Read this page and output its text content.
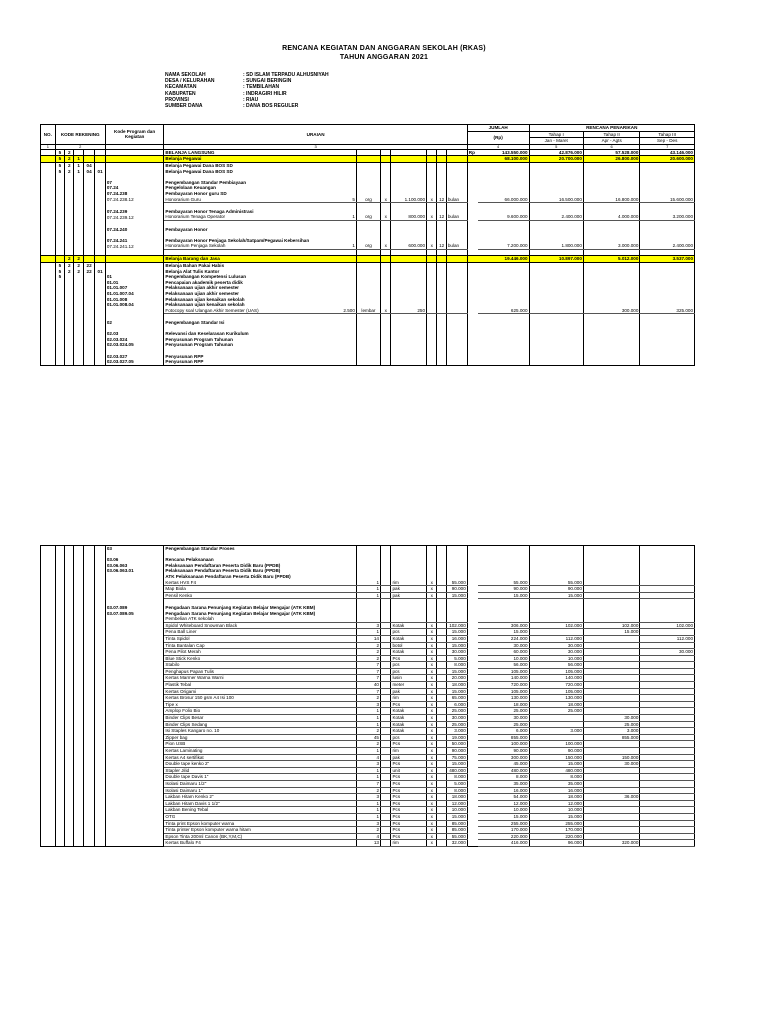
RENCANA KEGIATAN DAN ANGGARAN SEKOLAH (RKAS)
TAHUN ANGGARAN 2021
NAMA SEKOLAH	: SD ISLAM TERPADU ALHUSNIYAH
DESA / KELURAHAN	: SUNGAI BERINGIN
KECAMATAN	: TEMBILAHAN
KABUPATEN	: INDRAGIRI HILIR
PROVINSI	: RIAU
SUMBER DANA	: DANA BOS REGULER
NO.	KODE REKENING					Kode Program dan Kegiatan	URAIAN								JUMLAH		RENCANA PENARIKAN		
															(Rp)		Tahap I	Tahap II	Tahap III
																	Jan - Maret	Apr - Agts	Sep - Des
1	2						3								4		5	6	7
	5	2					BELANJA LANGSUNG								Rp	143.550.000	42.876.000	57.528.000	43.146.000
	5	2	1				Belanja Pegawai									68.100.000	20.700.000	26.800.000	20.600.000
	5	2	1	04			Belanja Pegawai Dana BOS SD												
	5	2	1	04	01		Belanja Pegawai Dana BOS SD												

						07	Pengembangan Standar Pembiayaan												
						07.24	Pengelolaan Keuangan												
						07.24.238	Pembayaran Honor guru SD												
						07.24.238.12	Honorarium Guru	5	org	x	1.100.000	x	12	bulan		66.000.000	16.500.000	16.800.000	15.600.000

						07.24.239	Pembayaran Honor Tenaga Administrasi												
						07.24.239.12	Honorarium Tenaga Operator	1	org	x	800.000	x	12	bulan		9.600.000	2.400.000	4.000.000	3.200.000

						07.24.240	Pembayaran Honor												

						07.24.241	Pembayaran Honor Penjaga Sekolah/Satpam/Pegawai Kebersihan												
						07.24.241.12	Honorarium Penjaga Sekolah	1	org	x	600.000	x	12	bulan		7.200.000	1.800.000	3.000.000	2.400.000

		2	2				Belanja Barang dan Jasa									19.446.000	10.897.000	5.012.000	3.537.000
	5	2	2	22			Belanja Bahan Pakai Habis												
	5	2	2	22	01		Belanja Alat Tulis Kantor												
	5					01	Pengembangan Kompetensi Lulusan												
						01.01	Pencapaian akademik peserta didik												
						01.01.007	Pelaksanaan ujian akhir semester												
						01.01.007.04	Pelaksanaan ujian akhir semester												
						01.01.008	Pelaksanaan ujian kenaikan sekolah												
						01.01.008.04	Pelaksanaan ujian kenaikan sekolah												
							Fotocopy soal Ulangan Akhir Semester (UAS)	2.500	lembar	x	250					625.000		300.000	325.000

						02	Pengembangan Standar Isi												

						02.03	Relevansi dan Keselarasan Kurikulum												
						02.03.024	Penyusunan Program Tahunan												
						02.03.024.05	Penyusunan Program Tahunan												

						02.03.027	Penyusunan RPP												
						02.03.027.05	Penyusunan RPP												
						03	Pengembangan Standar Proses												

						03.06	Rencana Pelaksanaan												
						03.06.063	Pelaksanaan Pendaftaran Peserta Didik Baru (PPDB)												
						03.06.063.01	Pelaksanaan Pendaftaran Peserta Didik Baru (PPDB)												
							ATK Pelaksanaan Pendaftaran Peserta Didik Baru (PPDB)												
							Kertas HVS F4		1		rim	x		55.000		55.000	55.000		
							Map Biola		1		pak	x		90.000		90.000	90.000		
							Pensil Kenko		1		pak	x		15.000		15.000	15.000		

						03.07.089	Pengadaan Sarana Penunjang Kegiatan Belajar Mengajar (ATK KBM)												
						03.07.089.05	Pengadaan Sarana Penunjang Kegiatan Belajar Mengajar (ATK KBM)												
							Pembelian ATK sekolah												
							Spidol Whiteboard Snowman Black		3		Kotak	x		102.000		306.000	102.000	102.000	102.000
							Pena Ball Liner		1		pcs	x		15.000		15.000		15.000	
							Tinta Spidol		14		Kotak	x		16.000		224.000	112.000		112.000
							Tinta Bantalan Cap		2		botol	x		15.000		30.000	30.000		
							Pena Pilot Merah		2		Kotak	x		30.000		60.000	30.000		30.000
							Blue Stick Kenko		2		Pcs	x		5.000		10.000	10.000		
							Stabilo		7		pcs	x		8.000		56.000	56.000		
							Penghapus Papan Tulis		7		pcs	x		15.000		105.000	105.000		
							Kertas Marmer Warna Warni		7		lusin	x		20.000		140.000	140.000		
							Plastik Tebal		40		meter	x		18.000		720.000	720.000		
							Kertas Origami		7		pak	x		15.000		105.000	105.000		
							Kertas Brosur 150 gsm A4 Isi 100		2		rim	x		65.000		130.000	130.000		
							Tipe x		3		Pcs	x		6.000		18.000	18.000		
							Amplop Folio Bio		1		Kotak	x		25.000		25.000	25.000		
							Binder Clips Besar		1		Kotak	x		30.000		30.000		30.000	
							Binder Clips Sedang		1		Kotak	x		25.000		25.000		25.000	
							Isi Staples Kangaro no. 10		2		Kotak	x		3.000		6.000	3.000	3.000	
							Zipper bag		45		pcs	x		19.000		855.000		855.000	
							Pion USB		2		Pcs	x		50.000		100.000	100.000		
							Kertas Laminating		1		rim	x		90.000		90.000	90.000		
							Kertas A4 sertifikat		4		pak	x		75.000		300.000	150.000	150.000	
							Double tape kenko 2"		3		Pcs	x		15.000		45.000	15.000	30.000	
							Stapler Jilid		1		unit	x		480.000		480.000	480.000		
							Double tape Davis 1"		1		Pcs	x		8.000		8.000	8.000		
							Isolasi Daimaru 1/2"		7		Pcs	x		5.000		35.000	35.000		
							Isolasi Daimaru 1"		2		Pcs	x		8.000		16.000	16.000		
							Lakban Hitam Kenko 2"		3		Pcs	x		18.000		54.000	18.000	36.000	
							Lakban Hitam Davis 1 1/2"		1		Pcs	x		12.000		12.000	12.000		
							Lakban Bening Tebal		1		Pcs	x		10.000		10.000	10.000		
							OTG		1		Pcs	x		15.000		15.000	15.000		
							Tinta print Epson komputer warna		3		Pcs	x		85.000		255.000	255.000		
							Tinta printer Epson komputer warna hitam		2		Pcs	x		85.000		170.000	170.000		
							Epson Tinta 200ml Canon (BK,Y,M,C)		4		Pcs	x		55.000		220.000	220.000		
							Kertas Buffalo F4		13		rim	x		32.000		416.000	96.000	320.000	
